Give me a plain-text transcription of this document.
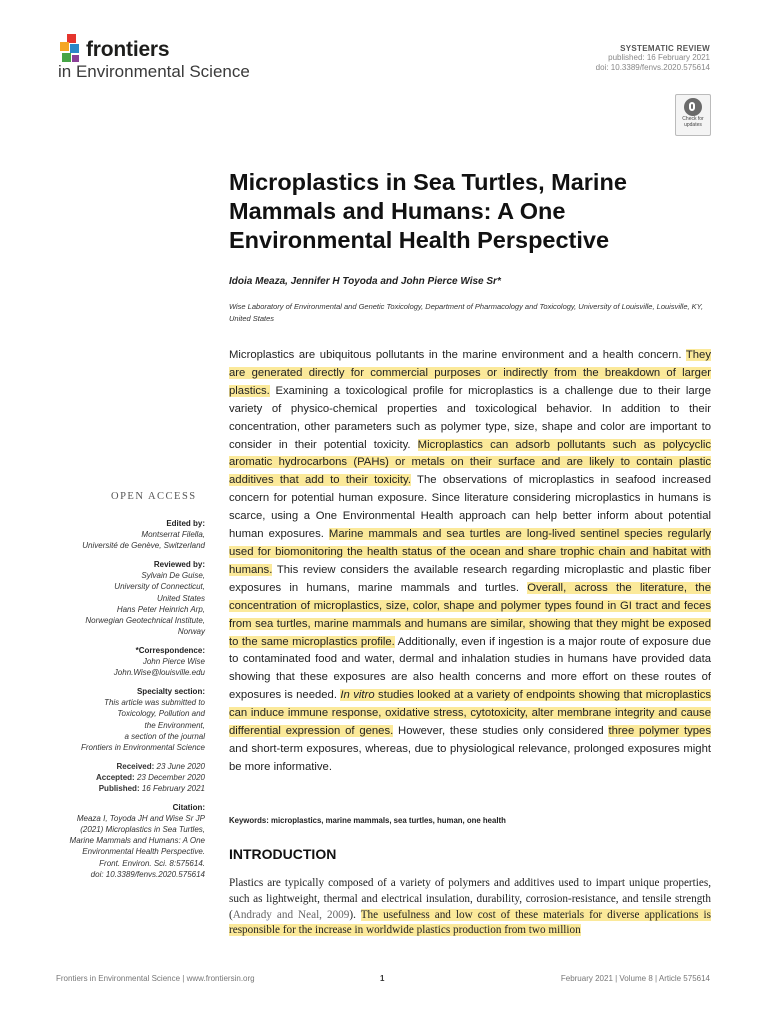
frontiers
in Environmental Science
SYSTEMATIC REVIEW
published: 16 February 2021
doi: 10.3389/fenvs.2020.575614
Check for
updates
Microplastics in Sea Turtles, Marine Mammals and Humans: A One Environmental Health Perspective
Idoia Meaza, Jennifer H Toyoda and John Pierce Wise Sr*
Wise Laboratory of Environmental and Genetic Toxicology, Department of Pharmacology and Toxicology, University of Louisville, Louisville, KY, United States

Microplastics are ubiquitous pollutants in the marine environment and a health concern. They are generated directly for commercial purposes or indirectly from the breakdown of larger plastics. Examining a toxicological profile for microplastics is a challenge due to their large variety of physico-chemical properties and toxicological behavior. In addition to their concentration, other parameters such as polymer type, size, shape and color are important to consider in their potential toxicity. Microplastics can adsorb pollutants such as polycyclic aromatic hydrocarbons (PAHs) or metals on their surface and are likely to contain plastic additives that add to their toxicity. The observations of microplastics in seafood increased concern for potential human exposure. Since literature considering microplastics in humans is scarce, using a One Environmental Health approach can help better inform about potential human exposures. Marine mammals and sea turtles are long-lived sentinel species regularly used for biomonitoring the health status of the ocean and share trophic chain and habitat with humans. This review considers the available research regarding microplastic and plastic fiber exposures in humans, marine mammals and turtles. Overall, across the literature, the concentration of microplastics, size, color, shape and polymer types found in GI tract and feces from sea turtles, marine mammals and humans are similar, showing that they might be exposed to the same microplastics profile. Additionally, even if ingestion is a major route of exposure due to contaminated food and water, dermal and inhalation studies in humans have provided data showing that these exposures are also health concerns and more effort on these routes of exposures is needed. In vitro studies looked at a variety of endpoints showing that microplastics can induce immune response, oxidative stress, cytotoxicity, alter membrane integrity and cause differential expression of genes. However, these studies only considered three polymer types and short-term exposures, whereas, due to physiological relevance, prolonged exposures might be more informative.

Keywords: microplastics, marine mammals, sea turtles, human, one health
INTRODUCTION

Plastics are typically composed of a variety of polymers and additives used to impart unique properties, such as lightweight, thermal and electrical insulation, durability, corrosion-resistance, and tensile strength (Andrady and Neal, 2009). The usefulness and low cost of these materials for diverse applications is responsible for the increase in worldwide plastics production from two million

OPEN ACCESS
Edited by:
Montserrat Filella,
Université de Genève, Switzerland
Reviewed by:
Sylvain De Guise,
University of Connecticut,
United States
Hans Peter Heinrich Arp,
Norwegian Geotechnical Institute,
Norway
*Correspondence:
John Pierce Wise
John.Wise@louisville.edu
Specialty section:
This article was submitted to
Toxicology, Pollution and
the Environment,
a section of the journal
Frontiers in Environmental Science
Received: 23 June 2020
Accepted: 23 December 2020
Published: 16 February 2021
Citation:
Meaza I, Toyoda JH and Wise Sr JP
(2021) Microplastics in Sea Turtles,
Marine Mammals and Humans: A One
Environmental Health Perspective.
Front. Environ. Sci. 8:575614.
doi: 10.3389/fenvs.2020.575614
Frontiers in Environmental Science | www.frontiersin.org	1	February 2021 | Volume 8 | Article 575614
